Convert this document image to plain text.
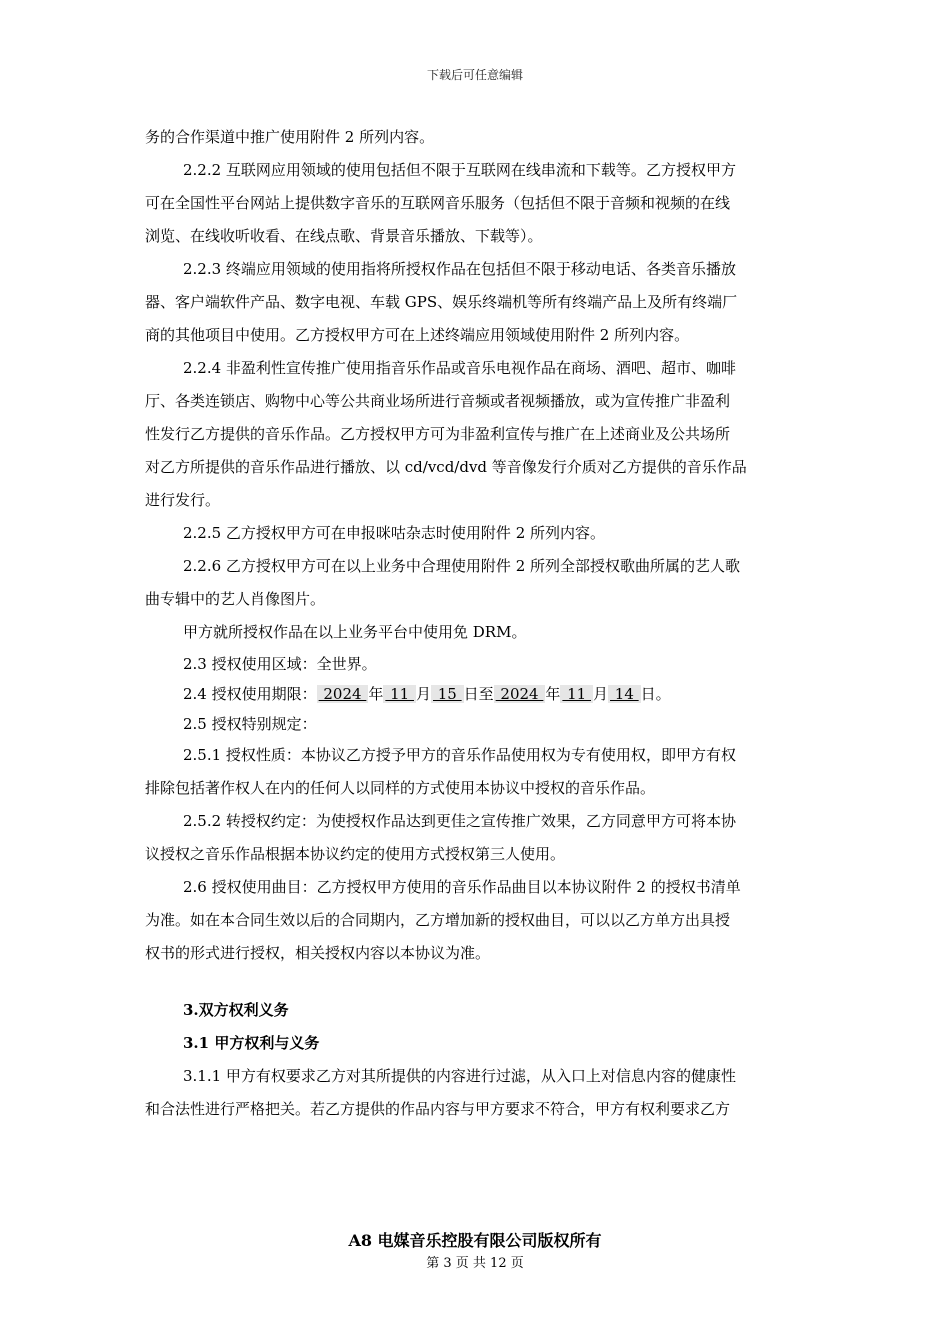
下载后可任意编辑
务的合作渠道中推广使用附件 2 所列内容。
2.2.2 互联网应用领域的使用包括但不限于互联网在线串流和下载等。乙方授权甲方
可在全国性平台网站上提供数字音乐的互联网音乐服务（包括但不限于音频和视频的在线
浏览、在线收听收看、在线点歌、背景音乐播放、下载等）。
2.2.3 终端应用领域的使用指将所授权作品在包括但不限于移动电话、各类音乐播放
器、客户端软件产品、数字电视、车载 GPS、娱乐终端机等所有终端产品上及所有终端厂
商的其他项目中使用。乙方授权甲方可在上述终端应用领域使用附件 2 所列内容。
2.2.4 非盈利性宣传推广使用指音乐作品或音乐电视作品在商场、酒吧、超市、咖啡
厅、各类连锁店、购物中心等公共商业场所进行音频或者视频播放，或为宣传推广非盈利
性发行乙方提供的音乐作品。乙方授权甲方可为非盈利宣传与推广在上述商业及公共场所
对乙方所提供的音乐作品进行播放、以 cd/vcd/dvd 等音像发行介质对乙方提供的音乐作品
进行发行。
2.2.5 乙方授权甲方可在申报咪咕杂志时使用附件 2 所列内容。
2.2.6 乙方授权甲方可在以上业务中合理使用附件 2 所列全部授权歌曲所属的艺人歌
曲专辑中的艺人肖像图片。
甲方就所授权作品在以上业务平台中使用免 DRM。
2.3 授权使用区域：全世界。
2.4 授权使用期限： 2024 年 11 月 15 日至 2024 年 11 月 14 日。
2.5 授权特别规定：
2.5.1 授权性质：本协议乙方授予甲方的音乐作品使用权为专有使用权，即甲方有权
排除包括著作权人在内的任何人以同样的方式使用本协议中授权的音乐作品。
2.5.2 转授权约定：为使授权作品达到更佳之宣传推广效果，乙方同意甲方可将本协
议授权之音乐作品根据本协议约定的使用方式授权第三人使用。
2.6 授权使用曲目：乙方授权甲方使用的音乐作品曲目以本协议附件 2 的授权书清单
为准。如在本合同生效以后的合同期内，乙方增加新的授权曲目，可以以乙方单方出具授
权书的形式进行授权，相关授权内容以本协议为准。
3.双方权利义务
3.1 甲方权利与义务
3.1.1 甲方有权要求乙方对其所提供的内容进行过滤，从入口上对信息内容的健康性
和合法性进行严格把关。若乙方提供的作品内容与甲方要求不符合，甲方有权利要求乙方
A8 电媒音乐控股有限公司版权所有
第 3 页 共 12 页
